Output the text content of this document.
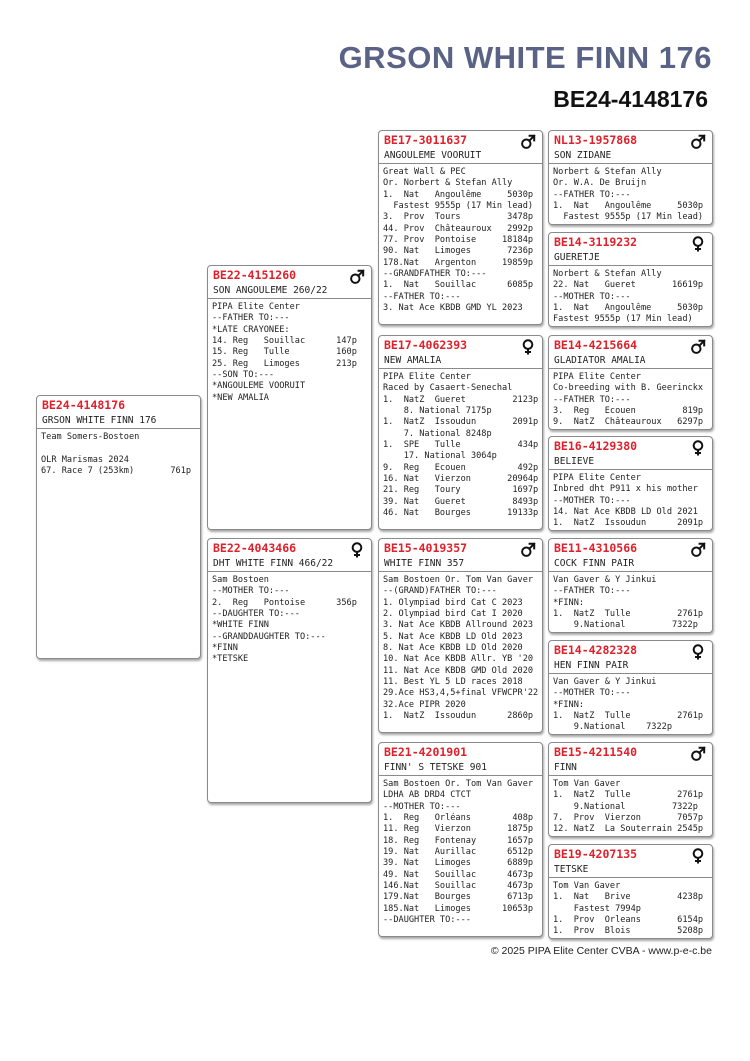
GRSON WHITE FINN 176
BE24-4148176
BE24-4148176
GRSON WHITE FINN 176
Team Somers-Bostoen
OLR Marismas 2024
67. Race 7 (253km)       761p
BE22-4151260
SON ANGOULEME 260/22
PIPA Elite Center
--FATHER TO:---
*LATE CRAYONEE:
14. Reg   Souillac      147p
15. Reg   Tulle         160p
25. Reg   Limoges       213p
--SON TO:---
*ANGOULEME VOORUIT
*NEW AMALIA
BE22-4043466
DHT WHITE FINN 466/22
Sam Bostoen
--MOTHER TO:---
2.  Reg   Pontoise      356p
--DAUGHTER TO:---
*WHITE FINN
--GRANDDAUGHTER TO:---
*FINN
*TETSKE
BE17-3011637
ANGOULEME VOORUIT
Great Wall & PEC
Or. Norbert & Stefan Ally
1.  Nat   Angoulême     5030p
Fastest 9555p (17 Min lead)
3.  Prov  Tours         3478p
44. Prov  Châteauroux   2992p
77. Prov  Pontoise     18184p
90. Nat   Limoges       7236p
178.Nat   Argenton     19859p
--GRANDFATHER TO:---
1.  Nat   Souillac      6085p
--FATHER TO:---
3. Nat Ace KBDB GMD YL 2023
BE17-4062393
NEW AMALIA
PIPA Elite Center
Raced by Casaert-Senechal
1.  NatZ  Gueret         2123p
8. National 7175p
1.  NatZ  Issoudun       2091p
7. National 8248p
1.  SPE   Tulle           434p
17. National 3064p
9.  Reg   Ecouen          492p
16. Nat   Vierzon       20964p
21. Reg   Toury          1697p
39. Nat   Gueret         8493p
46. Nat   Bourges       19133p
BE15-4019357
WHITE FINN 357
Sam Bostoen Or. Tom Van Gaver
--(GRAND)FATHER TO:---
1. Olympiad bird Cat C 2023
2. Olympiad bird Cat I 2020
3. Nat Ace KBDB Allround 2023
5. Nat Ace KBDB LD Old 2023
8. Nat Ace KBDB LD Old 2020
10. Nat Ace KBDB Allr. YB '20
11. Nat Ace KBDB GMD Old 2020
11. Best YL 5 LD races 2018
29.Ace HS3,4,5+final VFWCPR'22
32.Ace PIPR 2020
1.  NatZ  Issoudun      2860p
BE21-4201901
FINN' S TETSKE 901
Sam Bostoen Or. Tom Van Gaver
LDHA AB DRD4 CTCT
--MOTHER TO:---
1.  Reg   Orléans        408p
11. Reg   Vierzon       1875p
18. Reg   Fontenay      1657p
19. Nat   Aurillac      6512p
39. Nat   Limoges       6889p
49. Nat   Souillac      4673p
146.Nat   Souillac      4673p
179.Nat   Bourges       6713p
185.Nat   Limoges      10653p
--DAUGHTER TO:---
NL13-1957868
SON ZIDANE
Norbert & Stefan Ally
Or. W.A. De Bruijn
--FATHER TO:---
1.  Nat   Angoulême     5030p
Fastest 9555p (17 Min lead)
BE14-3119232
GUERETJE
Norbert & Stefan Ally
22. Nat   Gueret       16619p
--MOTHER TO:---
1.  Nat   Angoulême     5030p
Fastest 9555p (17 Min lead)
BE14-4215664
GLADIATOR AMALIA
PIPA Elite Center
Co-breeding with B. Geerinckx
--FATHER TO:---
3.  Reg   Ecouen         819p
9.  NatZ  Châteauroux   6297p
BE16-4129380
BELIEVE
PIPA Elite Center
Inbred dht P911 x his mother
--MOTHER TO:---
14. Nat Ace KBDB LD Old 2021
1.  NatZ  Issoudun      2091p
BE11-4310566
COCK FINN PAIR
Van Gaver & Y Jinkui
--FATHER TO:---
*FINN:
1.  NatZ  Tulle         2761p
9.National         7322p
BE14-4282328
HEN FINN PAIR
Van Gaver & Y Jinkui
--MOTHER TO:---
*FINN:
1.  NatZ  Tulle         2761p
9.National    7322p
BE15-4211540
FINN
Tom Van Gaver
1.  NatZ  Tulle         2761p
9.National         7322p
7.  Prov  Vierzon       7057p
12. NatZ  La Souterrain 2545p
BE19-4207135
TETSKE
Tom Van Gaver
1.  Nat   Brive         4238p
Fastest 7994p
1.  Prov  Orleans       6154p
1.  Prov  Blois         5208p
© 2025 PIPA Elite Center CVBA - www.p-e-c.be
